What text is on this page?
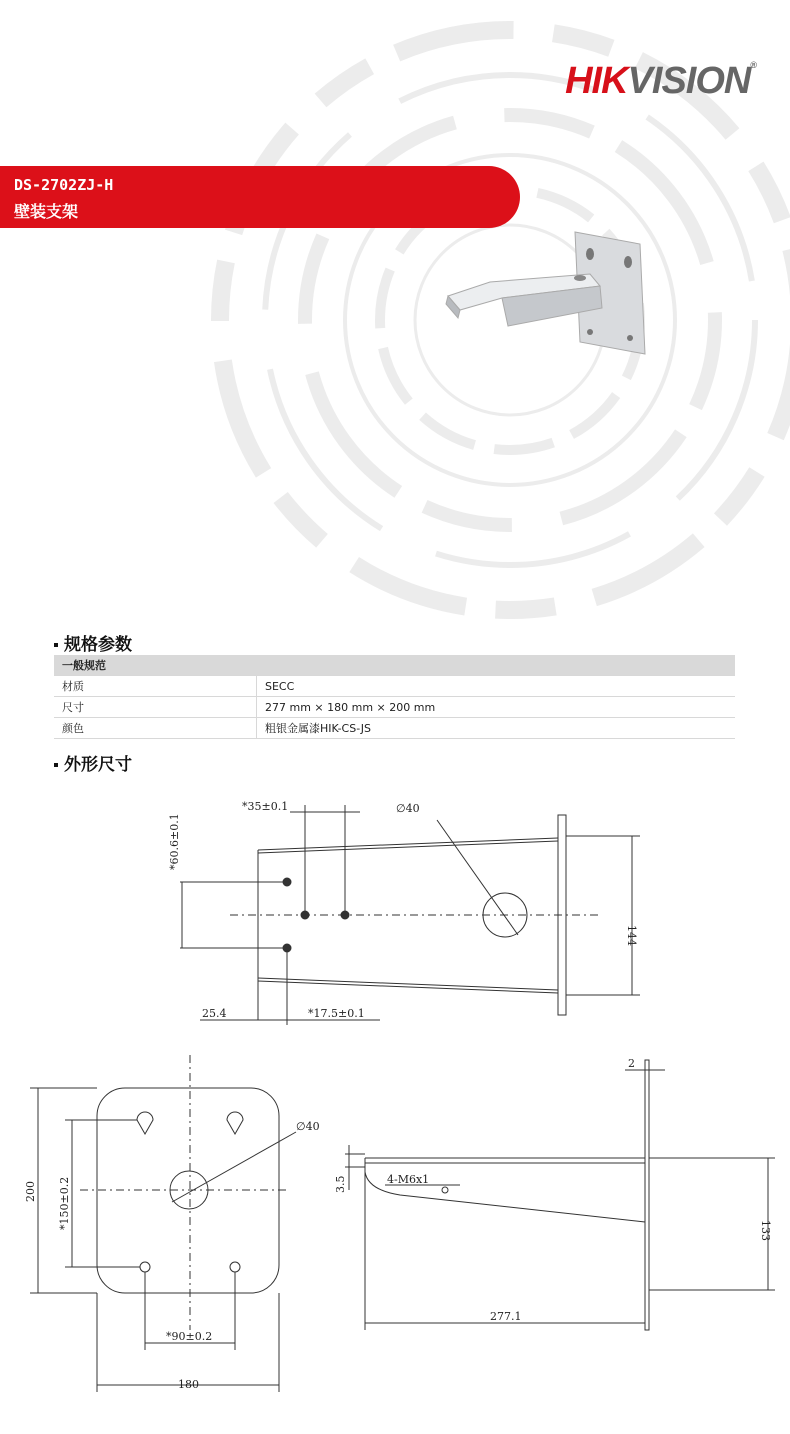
HIKVISION®
DS-2702ZJ-H
壁装支架
规格参数
一般规范	
材质	SECC
尺寸	277 mm × 180 mm × 200 mm
颜色	粗银金属漆HIK-CS-JS
外形尺寸
*35±0.1	∅40
*60.6±0.1
144
25.4	*17.5±0.1
∅40
200 *150±0.2
*90±0.2
180
2
3.5	4-M6x1
133
277.1
